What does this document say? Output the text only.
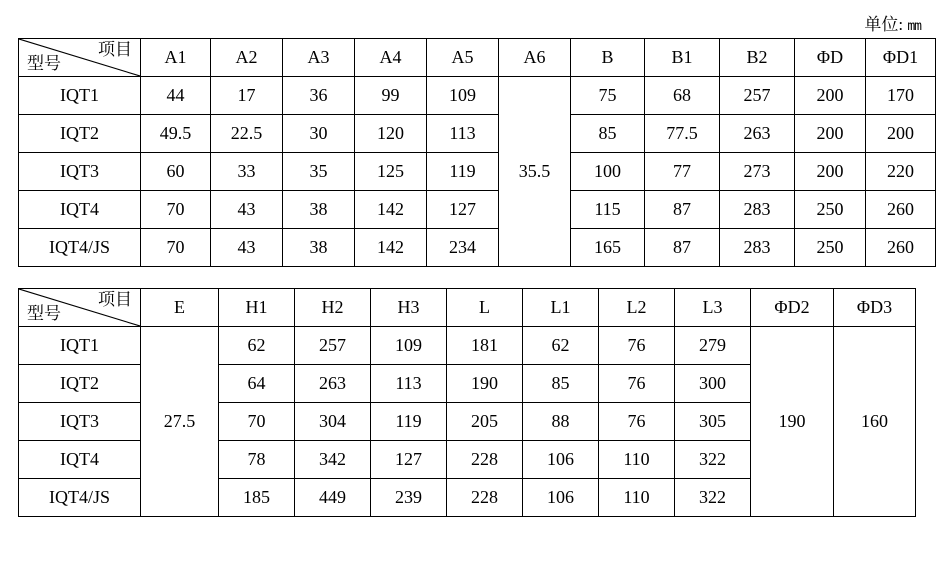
单位: mm
项目
型号	A1	A2	A3	A4	A5	A6	B	B1	B2	ΦD	ΦD1
IQT1	44	17	36	99	109	35.5	75	68	257	200	170
IQT2	49.5	22.5	30	120	113		85	77.5	263	200	200
IQT3	60	33	35	125	119		100	77	273	200	220
IQT4	70	43	38	142	127		115	87	283	250	260
IQT4/JS	70	43	38	142	234		165	87	283	250	260
项目
型号	E	H1	H2	H3	L	L1	L2	L3	ΦD2	ΦD3
IQT1	27.5	62	257	109	181	62	76	279	190	160
IQT2		64	263	113	190	85	76	300		
IQT3		70	304	119	205	88	76	305		
IQT4		78	342	127	228	106	110	322		
IQT4/JS		185	449	239	228	106	110	322		
